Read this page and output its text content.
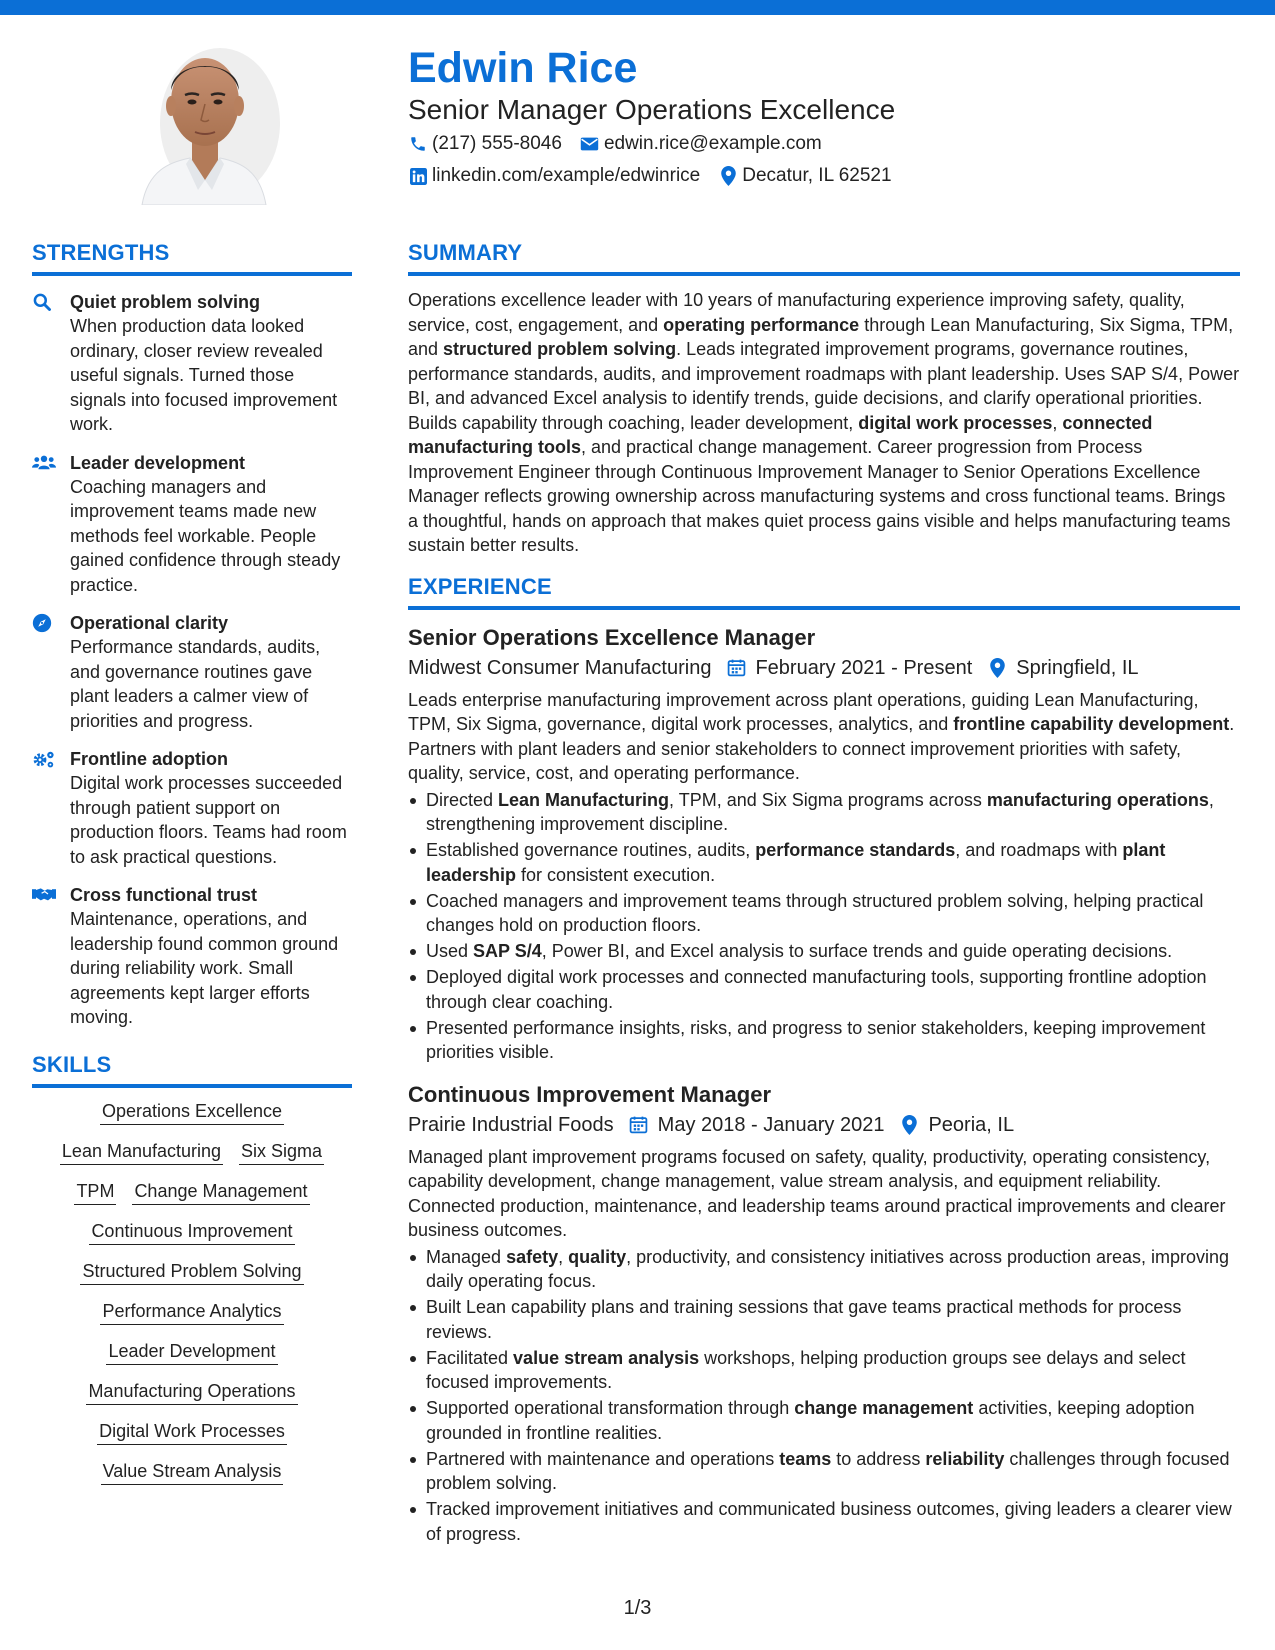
Edwin Rice
Senior Manager Operations Excellence
(217) 555-8046 edwin.rice@example.com
linkedin.com/example/edwinrice Decatur, IL 62521
STRENGTHS
Quiet problem solving
When production data looked ordinary, closer review revealed useful signals. Turned those signals into focused improvement work.
Leader development
Coaching managers and improvement teams made new methods feel workable. People gained confidence through steady practice.
Operational clarity
Performance standards, audits, and governance routines gave plant leaders a calmer view of priorities and progress.
Frontline adoption
Digital work processes succeeded through patient support on production floors. Teams had room to ask practical questions.
Cross functional trust
Maintenance, operations, and leadership found common ground during reliability work. Small agreements kept larger efforts moving.
SKILLS
Operations Excellence
Lean Manufacturing Six Sigma
TPM Change Management
Continuous Improvement
Structured Problem Solving
Performance Analytics
Leader Development
Manufacturing Operations
Digital Work Processes
Value Stream Analysis
SUMMARY

Operations excellence leader with 10 years of manufacturing experience improving safety, quality, service, cost, engagement, and operating performance through Lean Manufacturing, Six Sigma, TPM, and structured problem solving. Leads integrated improvement programs, governance routines, performance standards, audits, and improvement roadmaps with plant leadership. Uses SAP S/4, Power BI, and advanced Excel analysis to identify trends, guide decisions, and clarify operational priorities. Builds capability through coaching, leader development, digital work processes, connected manufacturing tools, and practical change management. Career progression from Process Improvement Engineer through Continuous Improvement Manager to Senior Operations Excellence Manager reflects growing ownership across manufacturing systems and cross functional teams. Brings a thoughtful, hands on approach that makes quiet process gains visible and helps manufacturing teams sustain better results.

EXPERIENCE
Senior Operations Excellence Manager
Midwest Consumer Manufacturing February 2021 - Present Springfield, IL

Leads enterprise manufacturing improvement across plant operations, guiding Lean Manufacturing, TPM, Six Sigma, governance, digital work processes, analytics, and frontline capability development. Partners with plant leaders and senior stakeholders to connect improvement priorities with safety, quality, service, cost, and operating performance.

Directed Lean Manufacturing, TPM, and Six Sigma programs across manufacturing operations, strengthening improvement discipline.
Established governance routines, audits, performance standards, and roadmaps with plant leadership for consistent execution.
Coached managers and improvement teams through structured problem solving, helping practical changes hold on production floors.
Used SAP S/4, Power BI, and Excel analysis to surface trends and guide operating decisions.
Deployed digital work processes and connected manufacturing tools, supporting frontline adoption through clear coaching.
Presented performance insights, risks, and progress to senior stakeholders, keeping improvement priorities visible.
Continuous Improvement Manager
Prairie Industrial Foods May 2018 - January 2021 Peoria, IL

Managed plant improvement programs focused on safety, quality, productivity, operating consistency, capability development, change management, value stream analysis, and equipment reliability. Connected production, maintenance, and leadership teams around practical improvements and clearer business outcomes.

Managed safety, quality, productivity, and consistency initiatives across production areas, improving daily operating focus.
Built Lean capability plans and training sessions that gave teams practical methods for process reviews.
Facilitated value stream analysis workshops, helping production groups see delays and select focused improvements.
Supported operational transformation through change management activities, keeping adoption grounded in frontline realities.
Partnered with maintenance and operations teams to address reliability challenges through focused problem solving.
Tracked improvement initiatives and communicated business outcomes, giving leaders a clearer view of progress.
1/3
